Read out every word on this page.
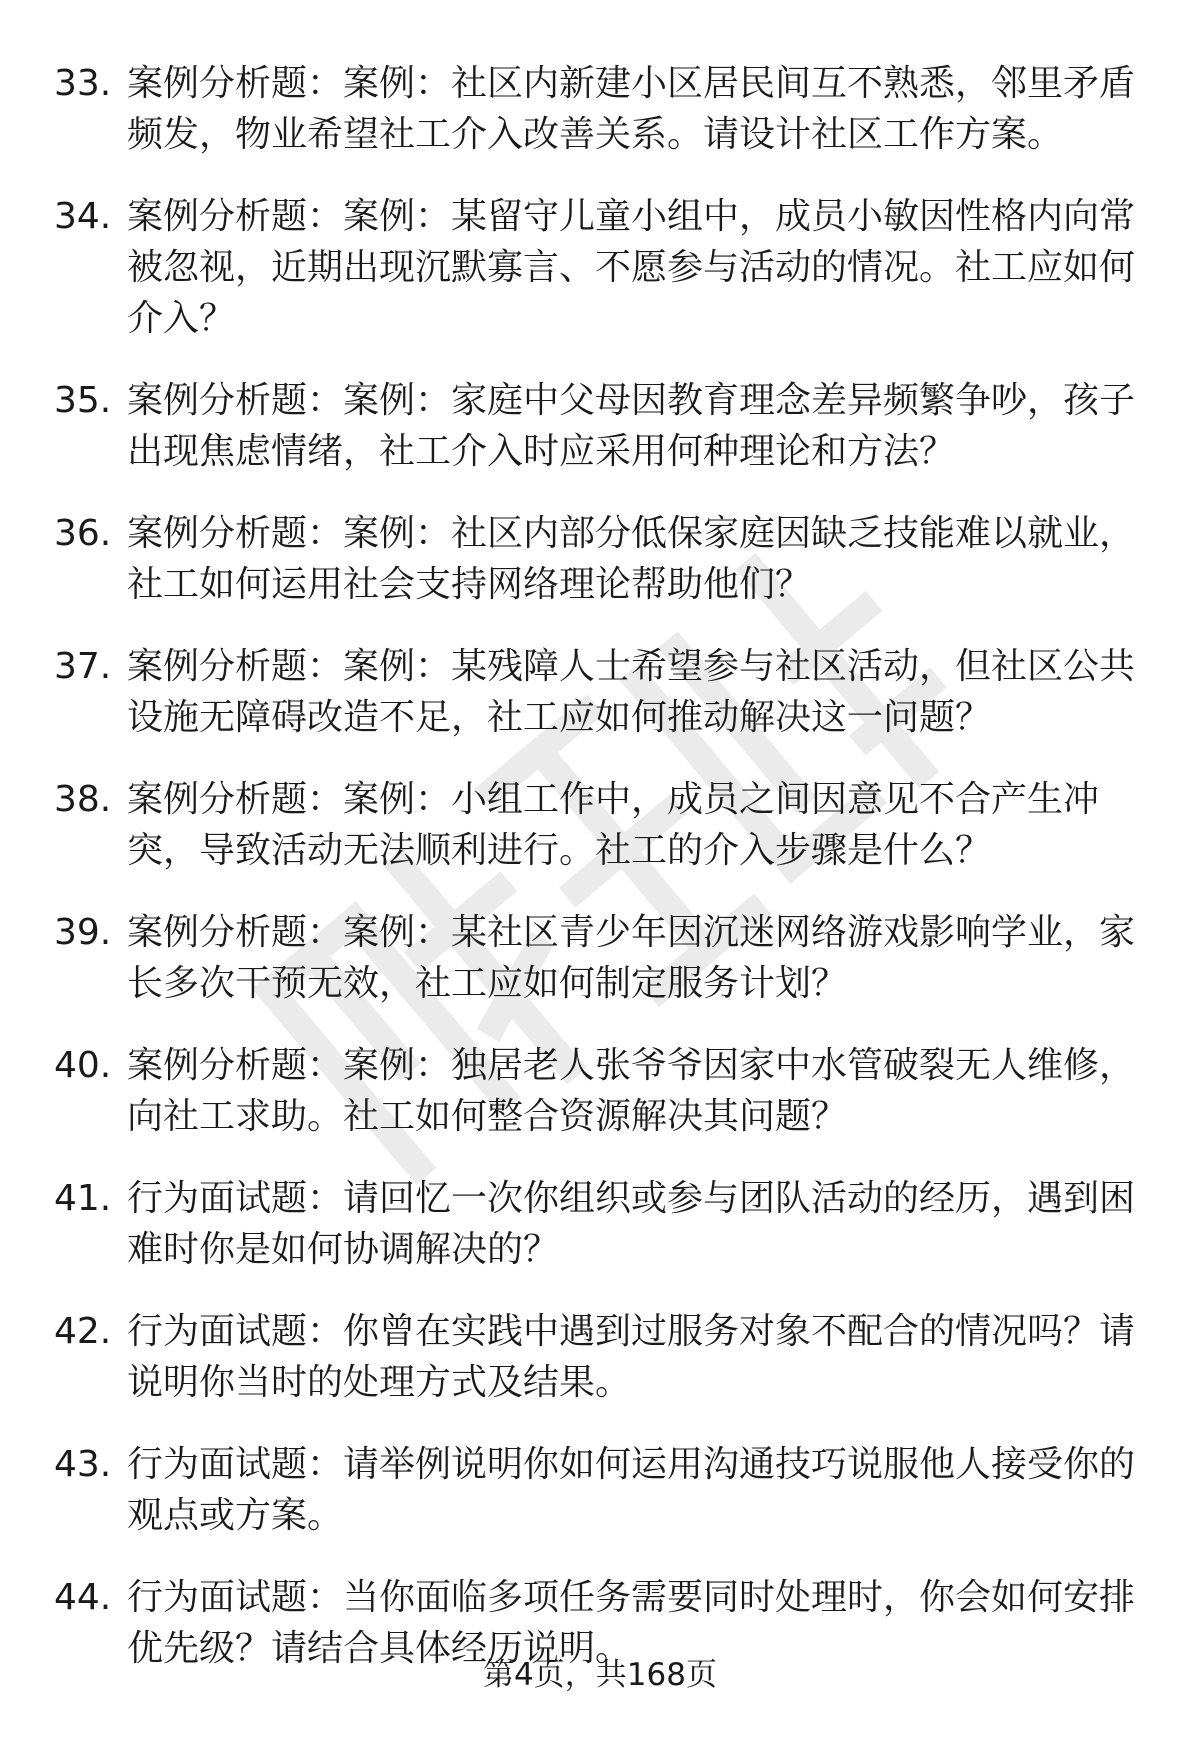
33. 案例分析题：案例：社区内新建小区居民间互不熟悉，邻里矛盾频发，物业希望社工介入改善关系。请设计社区工作方案。
34. 案例分析题：案例：某留守儿童小组中，成员小敏因性格内向常被忽视，近期出现沉默寡言、不愿参与活动的情况。社工应如何介入？
35. 案例分析题：案例：家庭中父母因教育理念差异频繁争吵，孩子出现焦虑情绪，社工介入时应采用何种理论和方法？
36. 案例分析题：案例：社区内部分低保家庭因缺乏技能难以就业，社工如何运用社会支持网络理论帮助他们？
37. 案例分析题：案例：某残障人士希望参与社区活动，但社区公共设施无障碍改造不足，社工应如何推动解决这一问题？
38. 案例分析题：案例：小组工作中，成员之间因意见不合产生冲突，导致活动无法顺利进行。社工的介入步骤是什么？
39. 案例分析题：案例：某社区青少年因沉迷网络游戏影响学业，家长多次干预无效，社工应如何制定服务计划？
40. 案例分析题：案例：独居老人张爷爷因家中水管破裂无人维修，向社工求助。社工如何整合资源解决其问题？
41. 行为面试题：请回忆一次你组织或参与团队活动的经历，遇到困难时你是如何协调解决的？
42. 行为面试题：你曾在实践中遇到过服务对象不配合的情况吗？请说明你当时的处理方式及结果。
43. 行为面试题：请举例说明你如何运用沟通技巧说服他人接受你的观点或方案。
44. 行为面试题：当你面临多项任务需要同时处理时，你会如何安排优先级？请结合具体经历说明。
第4页，共168页
